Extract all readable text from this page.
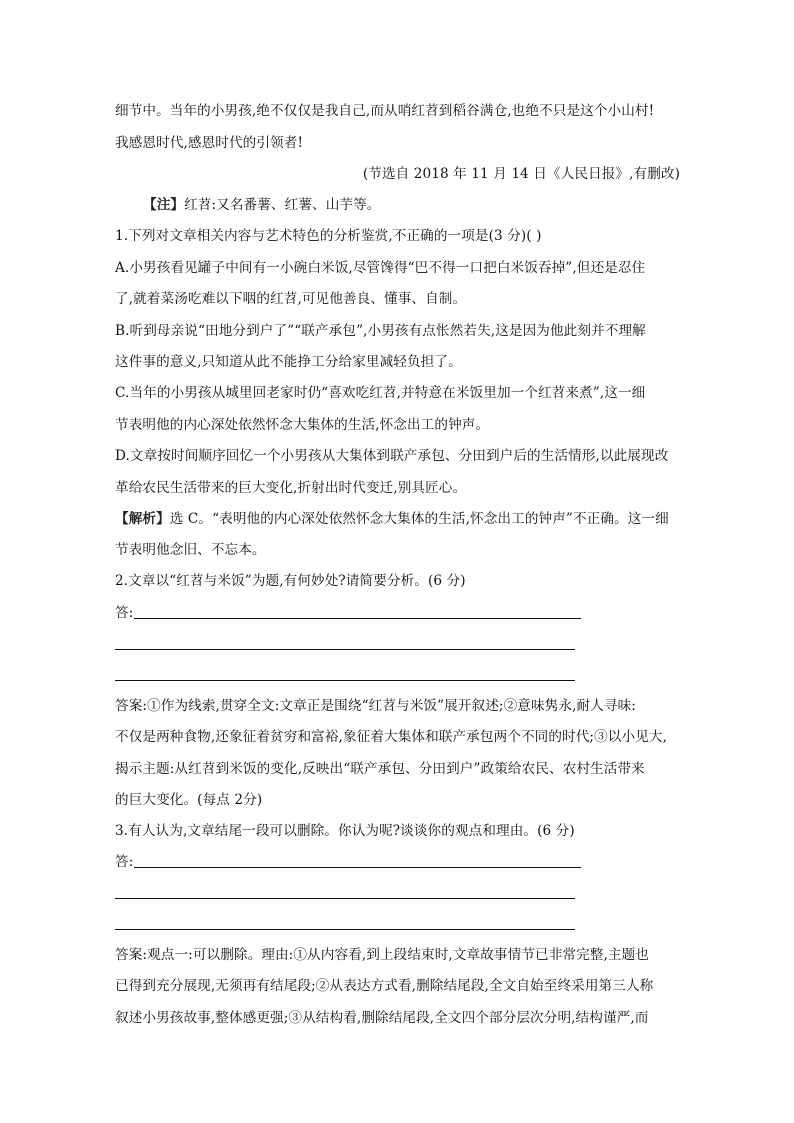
细节中。当年的小男孩,绝不仅仅是我自己,而从哨红苕到稻谷满仓,也绝不只是这个小山村!
我感恩时代,感恩时代的引领者!
(节选自 2018 年 11 月 14 日《人民日报》,有删改)
【注】红苕:又名番薯、红薯、山芋等。
1.下列对文章相关内容与艺术特色的分析鉴赏,不正确的一项是(3 分)( )
A.小男孩看见罐子中间有一小碗白米饭,尽管馋得“巴不得一口把白米饭吞掉”,但还是忍住
了,就着菜汤吃难以下咽的红苕,可见他善良、懂事、自制。
B.听到母亲说“田地分到户了”“联产承包”,小男孩有点怅然若失,这是因为他此刻并不理解
这件事的意义,只知道从此不能挣工分给家里减轻负担了。
C.当年的小男孩从城里回老家时仍“喜欢吃红苕,并特意在米饭里加一个红苕来煮”,这一细
节表明他的内心深处依然怀念大集体的生活,怀念出工的钟声。
D.文章按时间顺序回忆一个小男孩从大集体到联产承包、分田到户后的生活情形,以此展现改
革给农民生活带来的巨大变化,折射出时代变迁,别具匠心。
【解析】选 C。“表明他的内心深处依然怀念大集体的生活,怀念出工的钟声”不正确。这一细
节表明他念旧、不忘本。
2.文章以“红苕与米饭”为题,有何妙处?请简要分析。(6 分)
答:
答案:①作为线索,贯穿全文:文章正是围绕“红苕与米饭”展开叙述;②意味隽永,耐人寻味:
不仅是两种食物,还象征着贫穷和富裕,象征着大集体和联产承包两个不同的时代;③以小见大,
揭示主题:从红苕到米饭的变化,反映出“联产承包、分田到户”政策给农民、农村生活带来
的巨大变化。(每点 2分)
3.有人认为,文章结尾一段可以删除。你认为呢?谈谈你的观点和理由。(6 分)
答:
答案:观点一:可以删除。理由:①从内容看,到上段结束时,文章故事情节已非常完整,主题也
已得到充分展现,无须再有结尾段;②从表达方式看,删除结尾段,全文自始至终采用第三人称
叙述小男孩故事,整体感更强;③从结构看,删除结尾段,全文四个部分层次分明,结构谨严,而
